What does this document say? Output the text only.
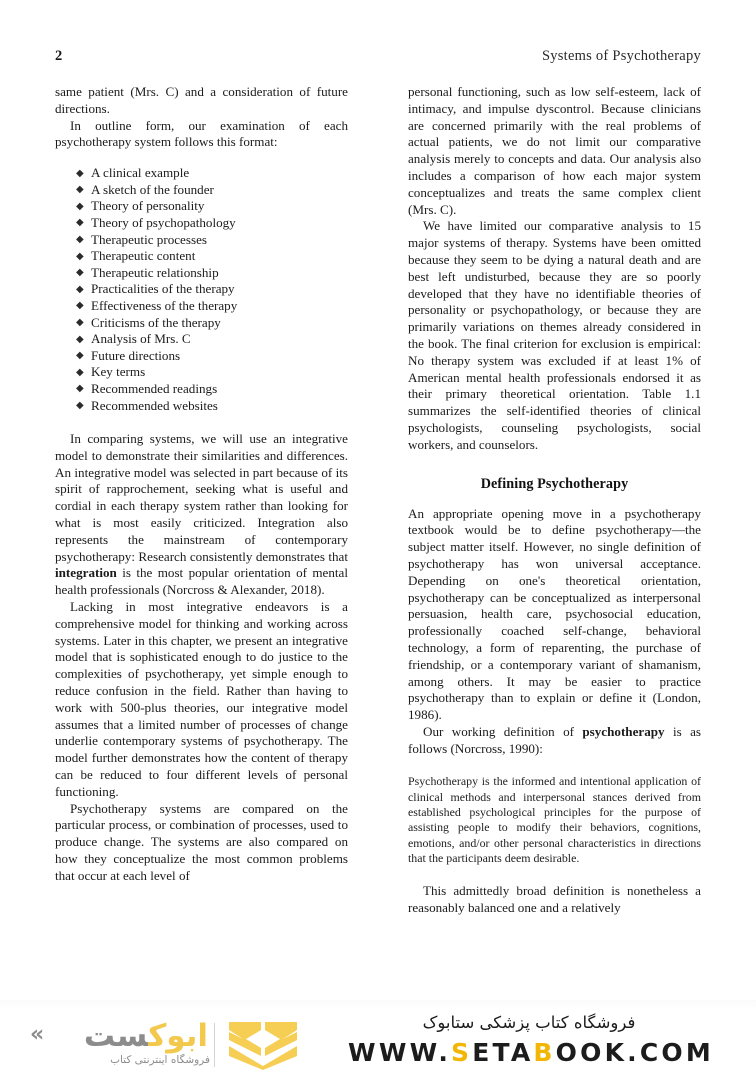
2	Systems of Psychotherapy

same patient (Mrs. C) and a consideration of future directions.

In outline form, our examination of each psychotherapy system follows this format:

◆ A clinical example
◆ A sketch of the founder
◆ Theory of personality
◆ Theory of psychopathology
◆ Therapeutic processes
◆ Therapeutic content
◆ Therapeutic relationship
◆ Practicalities of the therapy
◆ Effectiveness of the therapy
◆ Criticisms of the therapy
◆ Analysis of Mrs. C
◆ Future directions
◆ Key terms
◆ Recommended readings
◆ Recommended websites

In comparing systems, we will use an integrative model to demonstrate their similarities and differences. An integrative model was selected in part because of its spirit of rapprochement, seeking what is useful and cordial in each therapy system rather than looking for what is most easily criticized. Integration also represents the mainstream of contemporary psychotherapy: Research consistently demonstrates that integration is the most popular orientation of mental health professionals (Norcross & Alexander, 2018).

Lacking in most integrative endeavors is a comprehensive model for thinking and working across systems. Later in this chapter, we present an integrative model that is sophisticated enough to do justice to the complexities of psychotherapy, yet simple enough to reduce confusion in the field. Rather than having to work with 500-plus theories, our integrative model assumes that a limited number of processes of change underlie contemporary systems of psychotherapy. The model further demonstrates how the content of therapy can be reduced to four different levels of personal functioning.

Psychotherapy systems are compared on the particular process, or combination of processes, used to produce change. The systems are also compared on how they conceptualize the most common problems that occur at each level of

personal functioning, such as low self-esteem, lack of intimacy, and impulse dyscontrol. Because clinicians are concerned primarily with the real problems of actual patients, we do not limit our comparative analysis merely to concepts and data. Our analysis also includes a comparison of how each major system conceptualizes and treats the same complex client (Mrs. C).

We have limited our comparative analysis to 15 major systems of therapy. Systems have been omitted because they seem to be dying a natural death and are best left undisturbed, because they are so poorly developed that they have no identifiable theories of personality or psychopathology, or because they are primarily variations on themes already considered in the book. The final criterion for exclusion is empirical: No therapy system was excluded if at least 1% of American mental health professionals endorsed it as their primary theoretical orientation. Table 1.1 summarizes the self-identified theories of clinical psychologists, counseling psychologists, social workers, and counselors.

Defining Psychotherapy

An appropriate opening move in a psychotherapy textbook would be to define psychotherapy—the subject matter itself. However, no single definition of psychotherapy has won universal acceptance. Depending on one's theoretical orientation, psychotherapy can be conceptualized as interpersonal persuasion, health care, psychosocial education, professionally coached self-change, behavioral technology, a form of reparenting, the purchase of friendship, or a contemporary variant of shamanism, among others. It may be easier to practice psychotherapy than to explain or define it (London, 1986).

Our working definition of psychotherapy is as follows (Norcross, 1990):

Psychotherapy is the informed and intentional application of clinical methods and interpersonal stances derived from established psychological principles for the purpose of assisting people to modify their behaviors, cognitions, emotions, and/or other personal characteristics in directions that the participants deem desirable.

This admittedly broad definition is nonetheless a reasonably balanced one and a relatively

ابوکست
«
فروشگاه اینترنتی کتاب
فروشگاه کتاب پزشکی ستابوک
WWW.SETABOOK.COM
